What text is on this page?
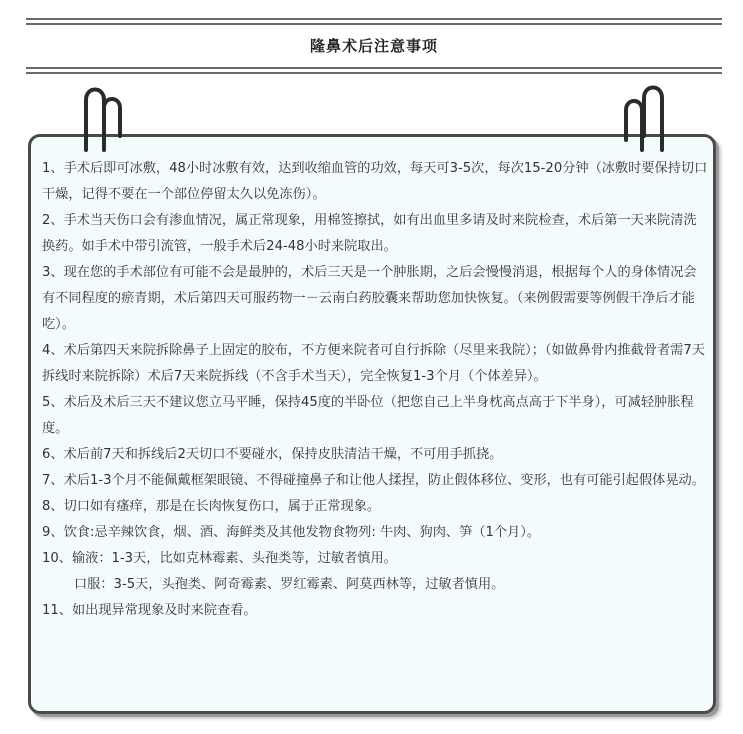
隆鼻术后注意事项

1、手术后即可冰敷，48小时冰敷有效，达到收缩血管的功效，每天可3-5次，每次15-20分钟（冰敷时要保持切口干燥，记得不要在一个部位停留太久以免冻伤）。

2、手术当天伤口会有渗血情况，属正常现象，用棉签擦拭，如有出血里多请及时来院检查，术后第一天来院清洗换药。如手术中带引流管，一般手术后24-48小时来院取出。

3、现在您的手术部位有可能不会是最肿的，术后三天是一个肿胀期，之后会慢慢消退，根据每个人的身体情况会有不同程度的瘀青期，术后第四天可服药物一－云南白药胶囊来帮助您加快恢复。（来例假需要等例假干净后才能吃）。

4、术后第四天来院拆除鼻子上固定的胶布，不方便来院者可自行拆除（尽里来我院）；（如做鼻骨内推截骨者需7天拆线时来院拆除）术后7天来院拆线（不含手术当天），完全恢复1-3个月（个体差异）。

5、术后及术后三天不建议您立马平睡，保持45度的半卧位（把您自己上半身枕高点高于下半身），可减轻肿胀程度。

6、术后前7天和拆线后2天切口不要碰水，保持皮肤清洁干燥，不可用手抓挠。

7、术后1-3个月不能佩戴框架眼镜、不得碰撞鼻子和让他人揉捏，防止假体移位、变形，也有可能引起假体晃动。

8、切口如有瘙痒，那是在长肉恢复伤口，属于正常现象。

9、饮食:忌辛辣饮食，烟、酒、海鲜类及其他发物食物列: 牛肉、狗肉、笋（1个月）。

10、输液：1-3天，比如克林霉素、头孢类等，过敏者慎用。

口服：3-5天，头孢类、阿奇霉素、罗红霉素、阿莫西林等，过敏者慎用。

11、如出现异常现象及时来院查看。
